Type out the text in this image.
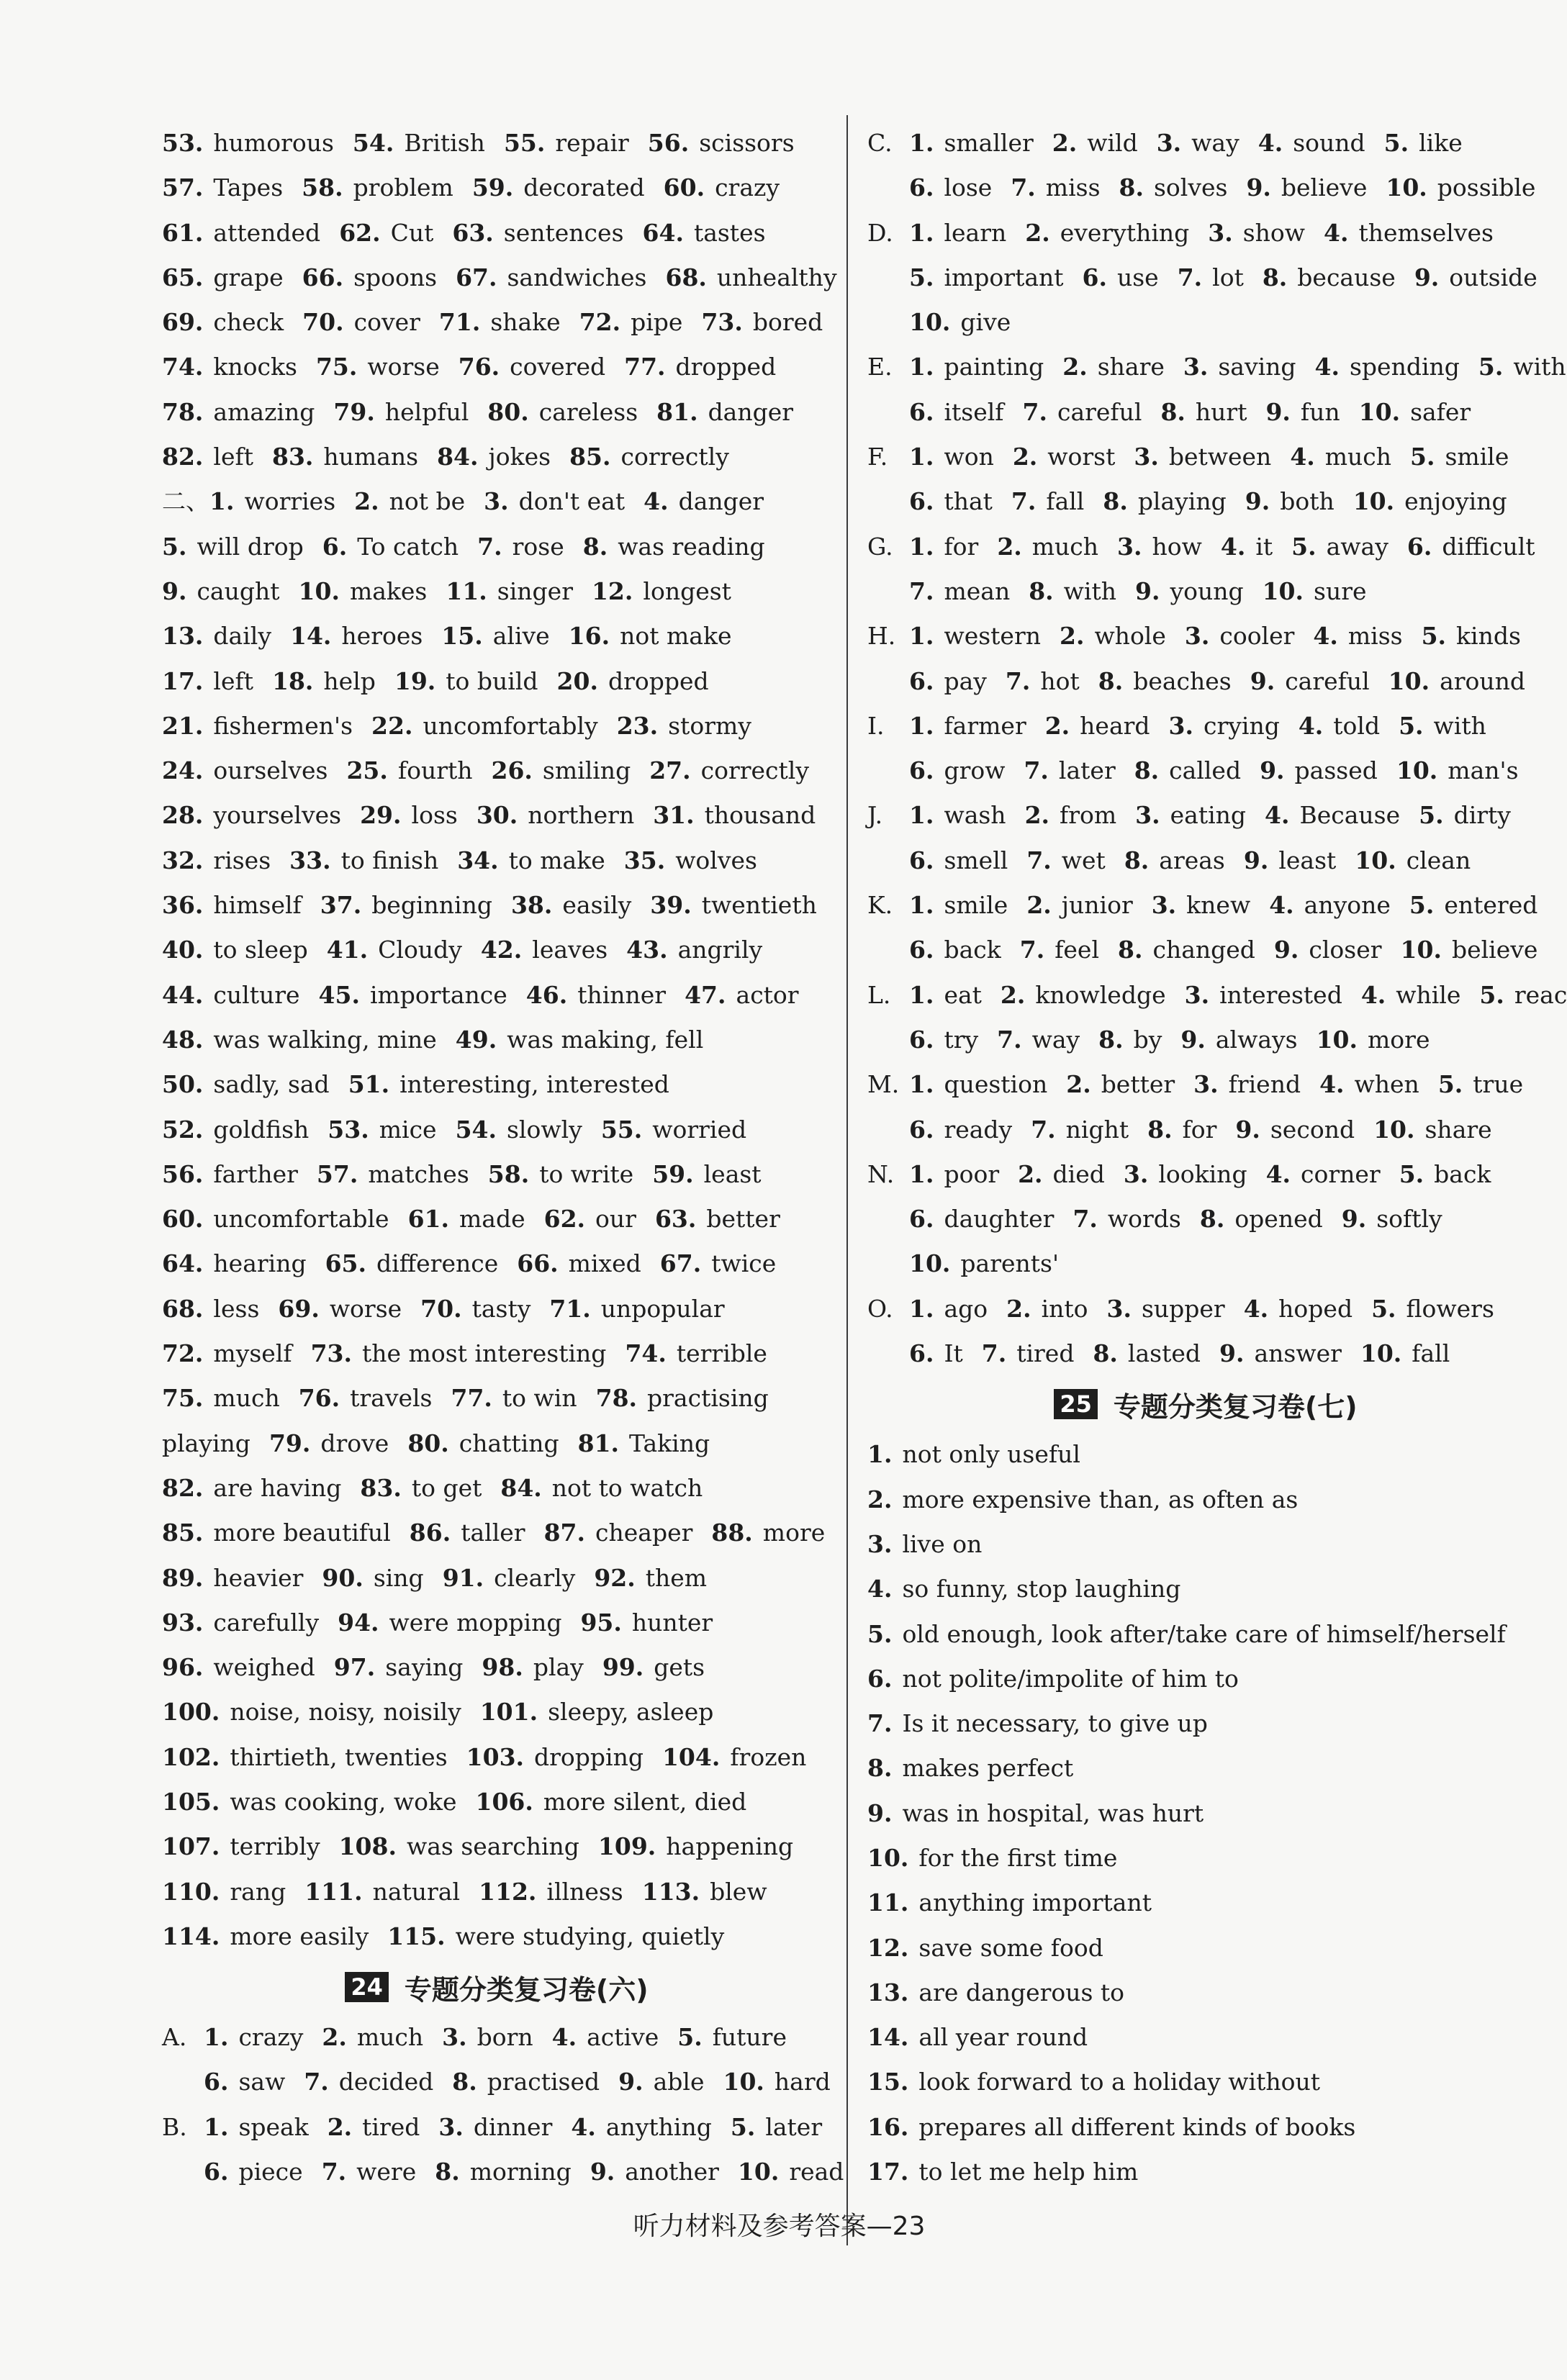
53. humorous 54. British 55. repair 56. scissors
57. Tapes 58. problem 59. decorated 60. crazy
61. attended 62. Cut 63. sentences 64. tastes
65. grape 66. spoons 67. sandwiches 68. unhealthy
69. check 70. cover 71. shake 72. pipe 73. bored
74. knocks 75. worse 76. covered 77. dropped
78. amazing 79. helpful 80. careless 81. danger
82. left 83. humans 84. jokes 85. correctly
二、 1. worries 2. not be 3. don't eat 4. danger
5. will drop 6. To catch 7. rose 8. was reading
9. caught 10. makes 11. singer 12. longest
13. daily 14. heroes 15. alive 16. not make
17. left 18. help 19. to build 20. dropped
21. fishermen's 22. uncomfortably 23. stormy
24. ourselves 25. fourth 26. smiling 27. correctly
28. yourselves 29. loss 30. northern 31. thousand
32. rises 33. to finish 34. to make 35. wolves
36. himself 37. beginning 38. easily 39. twentieth
40. to sleep 41. Cloudy 42. leaves 43. angrily
44. culture 45. importance 46. thinner 47. actor
48. was walking, mine 49. was making, fell
50. sadly, sad 51. interesting, interested
52. goldfish 53. mice 54. slowly 55. worried
56. farther 57. matches 58. to write 59. least
60. uncomfortable 61. made 62. our 63. better
64. hearing 65. difference 66. mixed 67. twice
68. less 69. worse 70. tasty 71. unpopular
72. myself 73. the most interesting 74. terrible
75. much 76. travels 77. to win 78. practising
playing 79. drove 80. chatting 81. Taking
82. are having 83. to get 84. not to watch
85. more beautiful 86. taller 87. cheaper 88. more
89. heavier 90. sing 91. clearly 92. them
93. carefully 94. were mopping 95. hunter
96. weighed 97. saying 98. play 99. gets
100. noise, noisy, noisily 101. sleepy, asleep
102. thirtieth, twenties 103. dropping 104. frozen
105. was cooking, woke 106. more silent, died
107. terribly 108. was searching 109. happening
110. rang 111. natural 112. illness 113. blew
114. more easily 115. were studying, quietly
24 专题分类复习卷(六)
A. 1. crazy 2. much 3. born 4. active 5. future
6. saw 7. decided 8. practised 9. able 10. hard
B. 1. speak 2. tired 3. dinner 4. anything 5. later
6. piece 7. were 8. morning 9. another 10. read
C. 1. smaller 2. wild 3. way 4. sound 5. like
6. lose 7. miss 8. solves 9. believe 10. possible
D. 1. learn 2. everything 3. show 4. themselves
5. important 6. use 7. lot 8. because 9. outside
10. give
E. 1. painting 2. share 3. saving 4. spending 5. with
6. itself 7. careful 8. hurt 9. fun 10. safer
F. 1. won 2. worst 3. between 4. much 5. smile
6. that 7. fall 8. playing 9. both 10. enjoying
G. 1. for 2. much 3. how 4. it 5. away 6. difficult
7. mean 8. with 9. young 10. sure
H. 1. western 2. whole 3. cooler 4. miss 5. kinds
6. pay 7. hot 8. beaches 9. careful 10. around
I.	1. farmer 2. heard 3. crying 4. told 5. with
6. grow 7. later 8. called 9. passed 10. man's
J.	1. wash 2. from 3. eating 4. Because 5. dirty
6. smell 7. wet 8. areas 9. least 10. clean
K. 1. smile 2. junior 3. knew 4. anyone 5. entered
6. back 7. feel 8. changed 9. closer 10. believe
L. 1. eat 2. knowledge 3. interested 4. while 5. reac
6. try 7. way 8. by 9. always 10. more
M. 1. question 2. better 3. friend 4. when 5. true
6. ready 7. night 8. for 9. second 10. share
N. 1. poor 2. died 3. looking 4. corner 5. back
6. daughter 7. words 8. opened 9. softly
10. parents'
O. 1. ago 2. into 3. supper 4. hoped 5. flowers
6. It 7. tired 8. lasted 9. answer 10. fall
25 专题分类复习卷(七)
1. not only useful
2. more expensive than, as often as
3. live on
4. so funny, stop laughing
5. old enough, look after/take care of himself/herself
6. not polite/impolite of him to
7. Is it necessary, to give up
8. makes perfect
9. was in hospital, was hurt
10. for the first time
11. anything important
12. save some food
13. are dangerous to
14. all year round
15. look forward to a holiday without
16. prepares all different kinds of books
17. to let me help him
听力材料及参考答案—23
